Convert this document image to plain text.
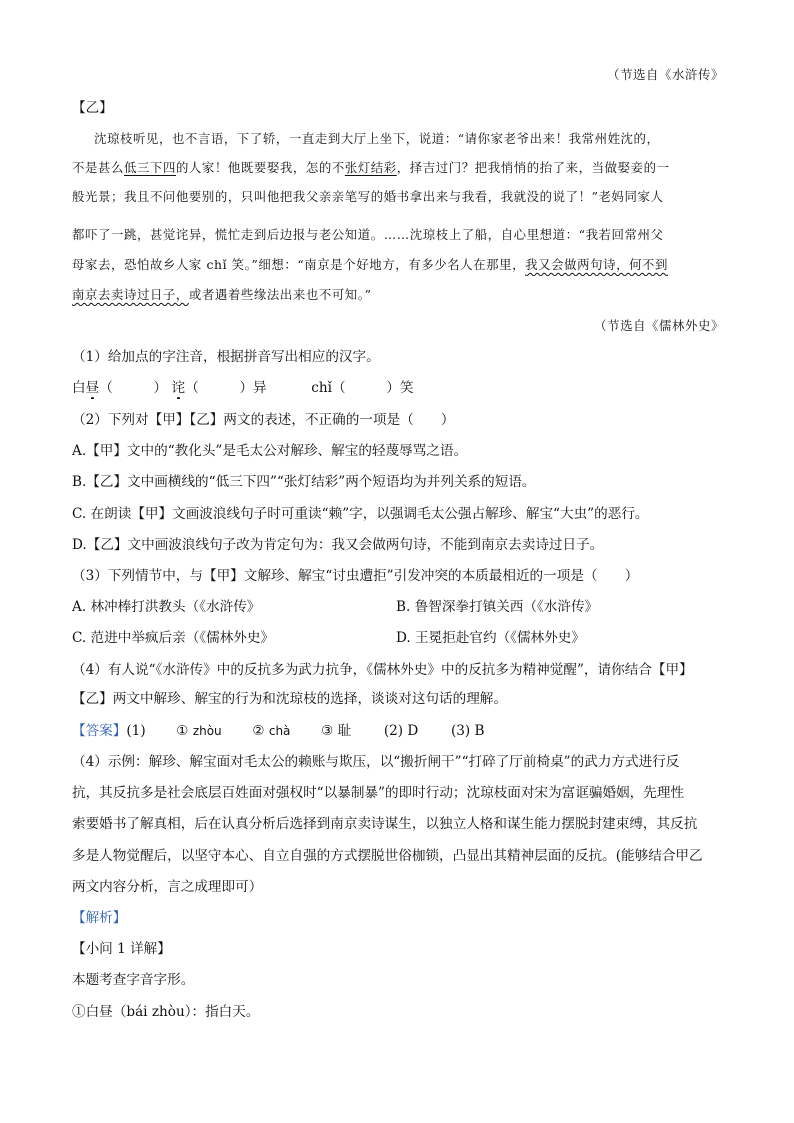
（节选自《水浒传》
【乙】
沈琼枝听见，也不言语，下了轿，一直走到大厅上坐下，说道：“请你家老爷出来！我常州姓沈的，
不是甚么低三下四的人家！他既要娶我，怎的不张灯结彩，择吉过门？把我悄悄的抬了来，当做娶妾的一
般光景；我且不问他要别的，只叫他把我父亲亲笔写的婚书拿出来与我看，我就没的说了！”老妈同家人
都吓了一跳，甚觉诧异，慌忙走到后边报与老公知道。……沈琼枝上了船，自心里想道：“我若回常州父
母家去，恐怕故乡人家 chǐ 笑。”细想：“南京是个好地方，有多少名人在那里，我又会做两句诗，何不到
南京去卖诗过日子，或者遇着些缘法出来也不可知。”
（节选自《儒林外史》
（1）给加点的字注音，根据拼音写出相应的汉字。
白昼（　　　） 诧（　　　）异	chǐ（　　　）笑
（2）下列对【甲】【乙】两文的表述，不正确的一项是（　　）
A.【甲】文中的“教化头”是毛太公对解珍、解宝的轻蔑辱骂之语。
B.【乙】文中画横线的“低三下四”“张灯结彩”两个短语均为并列关系的短语。
C. 在朗读【甲】文画波浪线句子时可重读“赖”字，以强调毛太公强占解珍、解宝“大虫”的恶行。
D.【乙】文中画波浪线句子改为肯定句为：我又会做两句诗，不能到南京去卖诗过日子。
（3）下列情节中，与【甲】文解珍、解宝“讨虫遭拒”引发冲突的本质最相近的一项是（　　）
A. 林冲棒打洪教头（《水浒传》	B. 鲁智深拳打镇关西（《水浒传》
C. 范进中举疯后亲（《儒林外史》	D. 王冕拒赴官约（《儒林外史》
（4）有人说“《水浒传》中的反抗多为武力抗争，《儒林外史》中的反抗多为精神觉醒”，请你结合【甲】
【乙】两文中解珍、解宝的行为和沈琼枝的选择，谈谈对这句话的理解。
【答案】(1) ① zhòu ② chà ③ 耻 (2) D (3) B
（4）示例：解珍、解宝面对毛太公的赖账与欺压，以“搬折闸干”“打碎了厅前椅桌”的武力方式进行反
抗，其反抗多是社会底层百姓面对强权时“以暴制暴”的即时行动；沈琼枝面对宋为富诓骗婚姻，先理性
索要婚书了解真相，后在认真分析后选择到南京卖诗谋生，以独立人格和谋生能力摆脱封建束缚，其反抗
多是人物觉醒后，以坚守本心、自立自强的方式摆脱世俗枷锁，凸显出其精神层面的反抗。(能够结合甲乙
两文内容分析，言之成理即可）
【解析】
【小问 1 详解】
本题考查字音字形。
①白昼（bái zhòu）：指白天。
